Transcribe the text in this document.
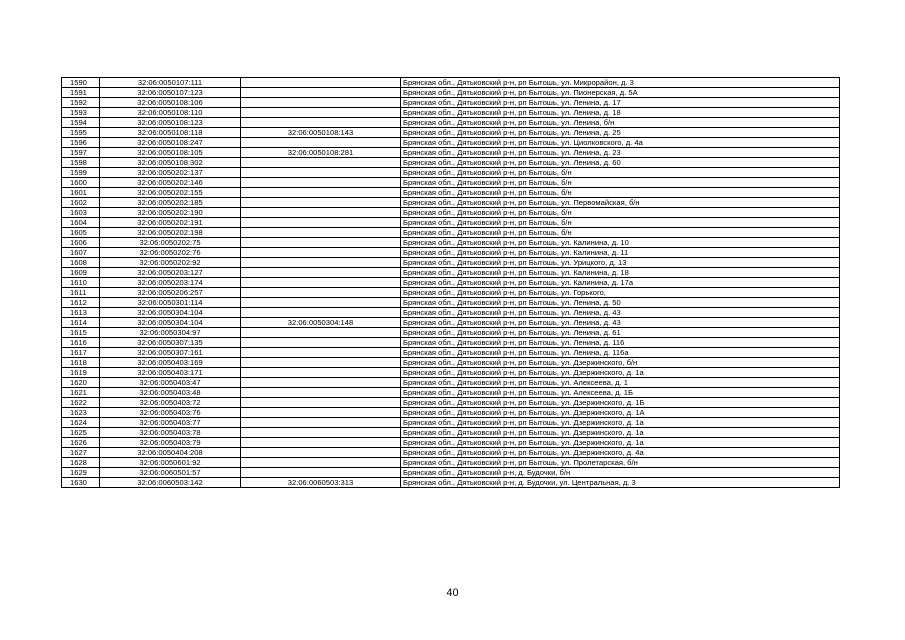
1590	32:06:0050107:111		Брянская обл., Дятьковский р-н, рп Бытошь, ул. Микрорайон, д. 3
1591	32:06:0050107:123		Брянская обл., Дятьковский р-н, рп Бытошь, ул. Пионерская, д. 5А
1592	32:06:0050108:106		Брянская обл., Дятьковский р-н, рп Бытошь, ул. Ленина, д. 17
1593	32:06:0050108:110		Брянская обл., Дятьковский р-н, рп Бытошь, ул. Ленина, д. 18
1594	32:06:0050108:123		Брянская обл., Дятьковский р-н, рп Бытошь, ул. Ленина, б/н
1595	32:06:0050108:118	32:06:0050108:143	Брянская обл., Дятьковский р-н, рп Бытошь, ул. Ленина, д. 25
1596	32:06:0050108:247		Брянская обл., Дятьковский р-н, рп Бытошь, ул. Циолковского, д. 4а
1597	32:06:0050108:105	32:06:0050108:281	Брянская обл., Дятьковский р-н, рп Бытошь, ул. Ленина, д. 23
1598	32:06:0050108:302		Брянская обл., Дятьковский р-н, рп Бытошь, ул. Ленина, д. 60
1599	32:06:0050202:137		Брянская обл., Дятьковский р-н, рп Бытошь, б/н
1600	32:06:0050202:146		Брянская обл., Дятьковский р-н, рп Бытошь, б/н
1601	32:06:0050202:155		Брянская обл., Дятьковский р-н, рп Бытошь, б/н
1602	32:06:0050202:185		Брянская обл., Дятьковский р-н, рп Бытошь, ул. Первомайская, б/н
1603	32:06:0050202:190		Брянская обл., Дятьковский р-н, рп Бытошь, б/н
1604	32:06:0050202:191		Брянская обл., Дятьковский р-н, рп Бытошь, б/н
1605	32:06:0050202:198		Брянская обл., Дятьковский р-н, рп Бытошь, б/н
1606	32:06:0050202:75		Брянская обл., Дятьковский р-н, рп Бытошь, ул. Калинина, д. 10
1607	32:06:0050202:76		Брянская обл., Дятьковский р-н, рп Бытошь, ул. Калинина, д. 11
1608	32:06:0050202:92		Брянская обл., Дятьковский р-н, рп Бытошь, ул. Урицкого, д. 13
1609	32:06:0050203:127		Брянская обл., Дятьковский р-н, рп Бытошь, ул. Калинина, д. 18
1610	32:06:0050203:174		Брянская обл., Дятьковский р-н, рп Бытошь, ул. Калинина, д. 17а
1611	32:06:0050206:257		Брянская обл., Дятьковский р-н, рп Бытошь, ул. Горького,
1612	32:06:0050301:114		Брянская обл., Дятьковский р-н, рп Бытошь, ул. Ленина, д. 50
1613	32:06:0050304:104		Брянская обл., Дятьковский р-н, рп Бытошь, ул. Ленина, д. 43
1614	32:06:0050304:104	32:06:0050304:148	Брянская обл., Дятьковский р-н, рп Бытошь, ул. Ленина, д. 43
1615	32:06:0050304:97		Брянская обл., Дятьковский р-н, рп Бытошь, ул. Ленина, д. 61
1616	32:06:0050307:135		Брянская обл., Дятьковский р-н, рп Бытошь, ул. Ленина, д. 116
1617	32:06:0050307:161		Брянская обл., Дятьковский р-н, рп Бытошь, ул. Ленина, д. 116а
1618	32:06:0050403:169		Брянская обл., Дятьковский р-н, рп Бытошь, ул. Дзержинского, б/н
1619	32:06:0050403:171		Брянская обл., Дятьковский р-н, рп Бытошь, ул. Дзержинского, д. 1а
1620	32:06:0050403:47		Брянская обл., Дятьковский р-н, рп Бытошь, ул. Алексеева, д. 1
1621	32:06:0050403:48		Брянская обл., Дятьковский р-н, рп Бытошь, ул. Алексеева, д. 1Б
1622	32:06:0050403:72		Брянская обл., Дятьковский р-н, рп Бытошь, ул. Дзержинского, д. 1Б
1623	32:06:0050403:76		Брянская обл., Дятьковский р-н, рп Бытошь, ул. Дзержинского, д. 1А
1624	32:06:0050403:77		Брянская обл., Дятьковский р-н, рп Бытошь, ул. Дзержинского, д. 1а
1625	32:06:0050403:78		Брянская обл., Дятьковский р-н, рп Бытошь, ул. Дзержинского, д. 1а
1626	32:06:0050403:79		Брянская обл., Дятьковский р-н, рп Бытошь, ул. Дзержинского, д. 1а
1627	32:06:0050404:208		Брянская обл., Дятьковский р-н, рп Бытошь, ул. Дзержинского, д. 4а
1628	32:06:0050601:92		Брянская обл., Дятьковский р-н, рп Бытошь, ул. Пролетарская, б/н
1629	32:06:0060501:57		Брянская обл., Дятьковский р-н, д. Будочки, б/н
1630	32:06:0060503:142	32:06:0060503:313	Брянская обл., Дятьковский р-н, д. Будочки, ул. Центральная, д. 3
40
